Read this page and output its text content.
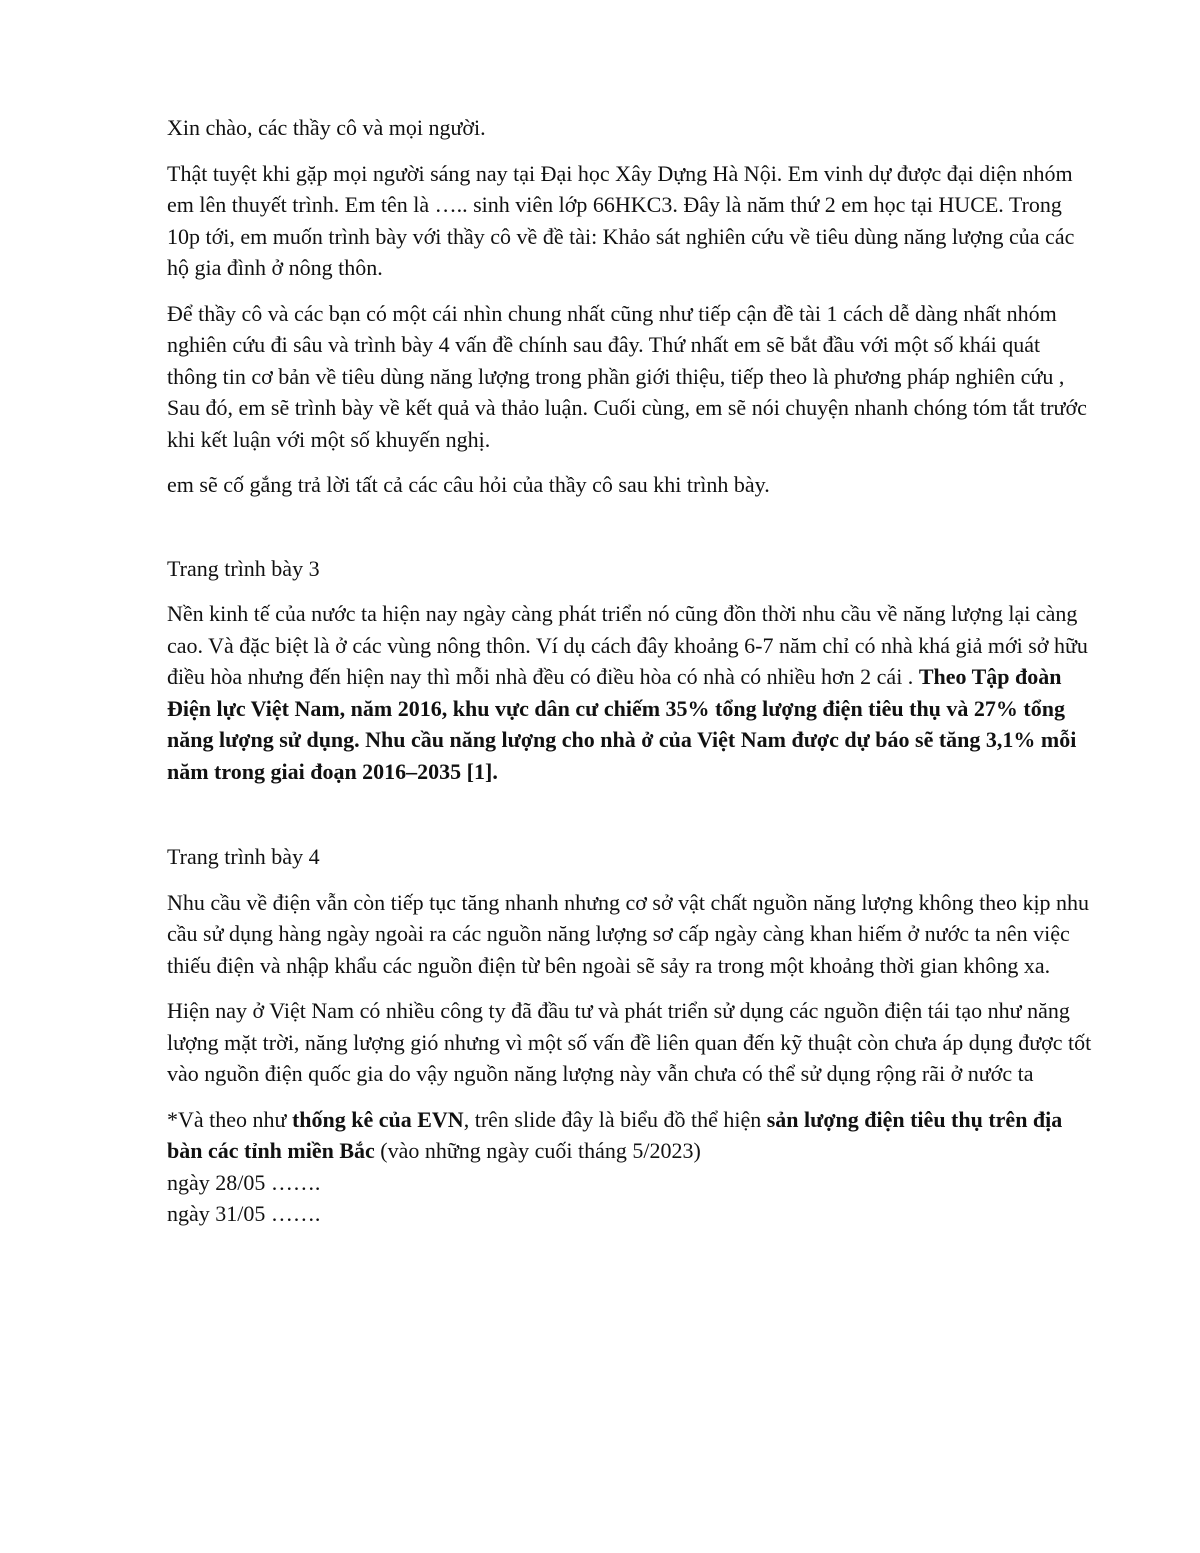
Xin chào, các thầy cô và mọi người.

Thật tuyệt khi gặp mọi người sáng nay tại Đại học Xây Dựng Hà Nội. Em vinh dự được đại diện nhóm em lên thuyết trình. Em tên là ….. sinh viên lớp 66HKC3. Đây là năm thứ 2 em học tại HUCE. Trong 10p tới, em muốn trình bày với thầy cô về đề tài: Khảo sát nghiên cứu về tiêu dùng năng lượng của các hộ gia đình ở nông thôn.

Để thầy cô và các bạn có một cái nhìn chung nhất cũng như tiếp cận đề tài 1 cách dễ dàng nhất nhóm nghiên cứu đi sâu và trình bày 4 vấn đề chính sau đây. Thứ nhất em sẽ bắt đầu với một số khái quát thông tin cơ bản về tiêu dùng năng lượng trong phần giới thiệu, tiếp theo là phương pháp nghiên cứu , Sau đó, em sẽ trình bày về kết quả và thảo luận. Cuối cùng, em sẽ nói chuyện nhanh chóng tóm tắt trước khi kết luận với một số khuyến nghị.

em sẽ cố gắng trả lời tất cả các câu hỏi của thầy cô sau khi trình bày.

Trang trình bày 3

Nền kinh tế của nước ta hiện nay ngày càng phát triển nó cũng đồn thời nhu cầu về năng lượng lại càng cao. Và đặc biệt là ở các vùng nông thôn. Ví dụ cách đây khoảng 6-7 năm chỉ có nhà khá giả mới sở hữu điều hòa nhưng đến hiện nay thì mỗi nhà đều có điều hòa có nhà có nhiều hơn 2 cái . Theo Tập đoàn Điện lực Việt Nam, năm 2016, khu vực dân cư chiếm 35% tổng lượng điện tiêu thụ và 27% tổng năng lượng sử dụng. Nhu cầu năng lượng cho nhà ở của Việt Nam được dự báo sẽ tăng 3,1% mỗi năm trong giai đoạn 2016–2035 [1].

Trang trình bày 4

Nhu cầu về điện vẫn còn tiếp tục tăng nhanh nhưng cơ sở vật chất nguồn năng lượng không theo kịp nhu cầu sử dụng hàng ngày ngoài ra các nguồn năng lượng sơ cấp ngày càng khan hiếm ở nước ta nên việc thiếu điện và nhập khẩu các nguồn điện từ bên ngoài sẽ sảy ra trong một khoảng thời gian không xa.

Hiện nay ở Việt Nam có nhiều công ty đã đầu tư và phát triển sử dụng các nguồn điện tái tạo như năng lượng mặt trời, năng lượng gió nhưng vì một số vấn đề liên quan đến kỹ thuật còn chưa áp dụng được tốt vào nguồn điện quốc gia do vậy nguồn năng lượng này vẫn chưa có thể sử dụng rộng rãi ở nước ta

*Và theo như thống kê của EVN, trên slide đây là biểu đồ thể hiện sản lượng điện tiêu thụ trên địa bàn các tỉnh miền Bắc (vào những ngày cuối tháng 5/2023)
ngày 28/05 …….
ngày 31/05 …….
